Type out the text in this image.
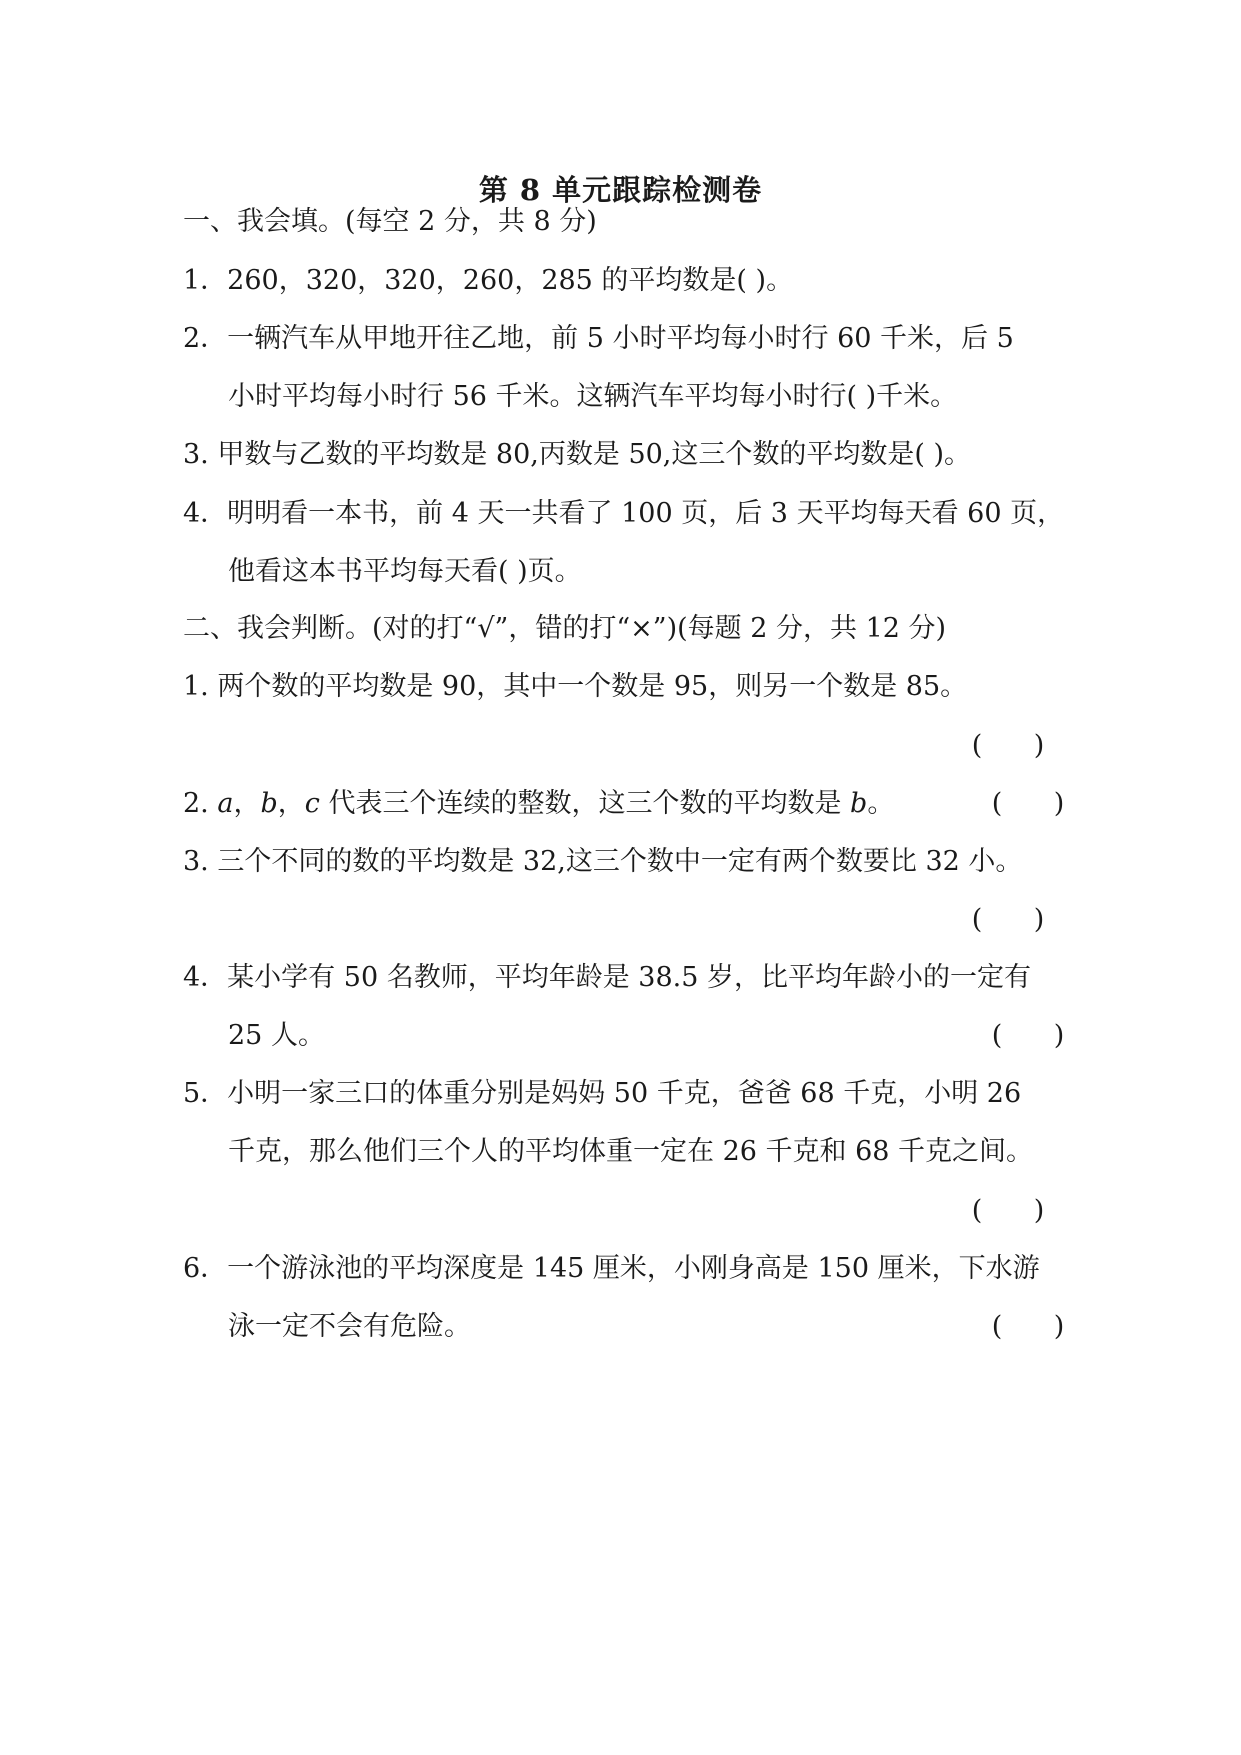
第 8 单元跟踪检测卷
一、我会填。(每空 2 分，共 8 分)
1．260，320，320，260，285 的平均数是( )。
2．一辆汽车从甲地开往乙地，前 5 小时平均每小时行 60 千米，后 5
小时平均每小时行 56 千米。这辆汽车平均每小时行( )千米。
3. 甲数与乙数的平均数是 80,丙数是 50,这三个数的平均数是( )。
4．明明看一本书，前 4 天一共看了 100 页，后 3 天平均每天看 60 页，
他看这本书平均每天看( )页。
二、我会判断。(对的打“√”，错的打“×”)(每题 2 分，共 12 分)
1. 两个数的平均数是 90，其中一个数是 95，则另一个数是 85。
(      )
2. a，b，c 代表三个连续的整数，这三个数的平均数是 b。	(      )
3. 三个不同的数的平均数是 32,这三个数中一定有两个数要比 32 小。
(      )
4．某小学有 50 名教师，平均年龄是 38.5 岁，比平均年龄小的一定有
25 人。	(      )
5．小明一家三口的体重分别是妈妈 50 千克，爸爸 68 千克，小明 26
千克，那么他们三个人的平均体重一定在 26 千克和 68 千克之间。
(      )
6．一个游泳池的平均深度是 145 厘米，小刚身高是 150 厘米，下水游
泳一定不会有危险。	(      )
